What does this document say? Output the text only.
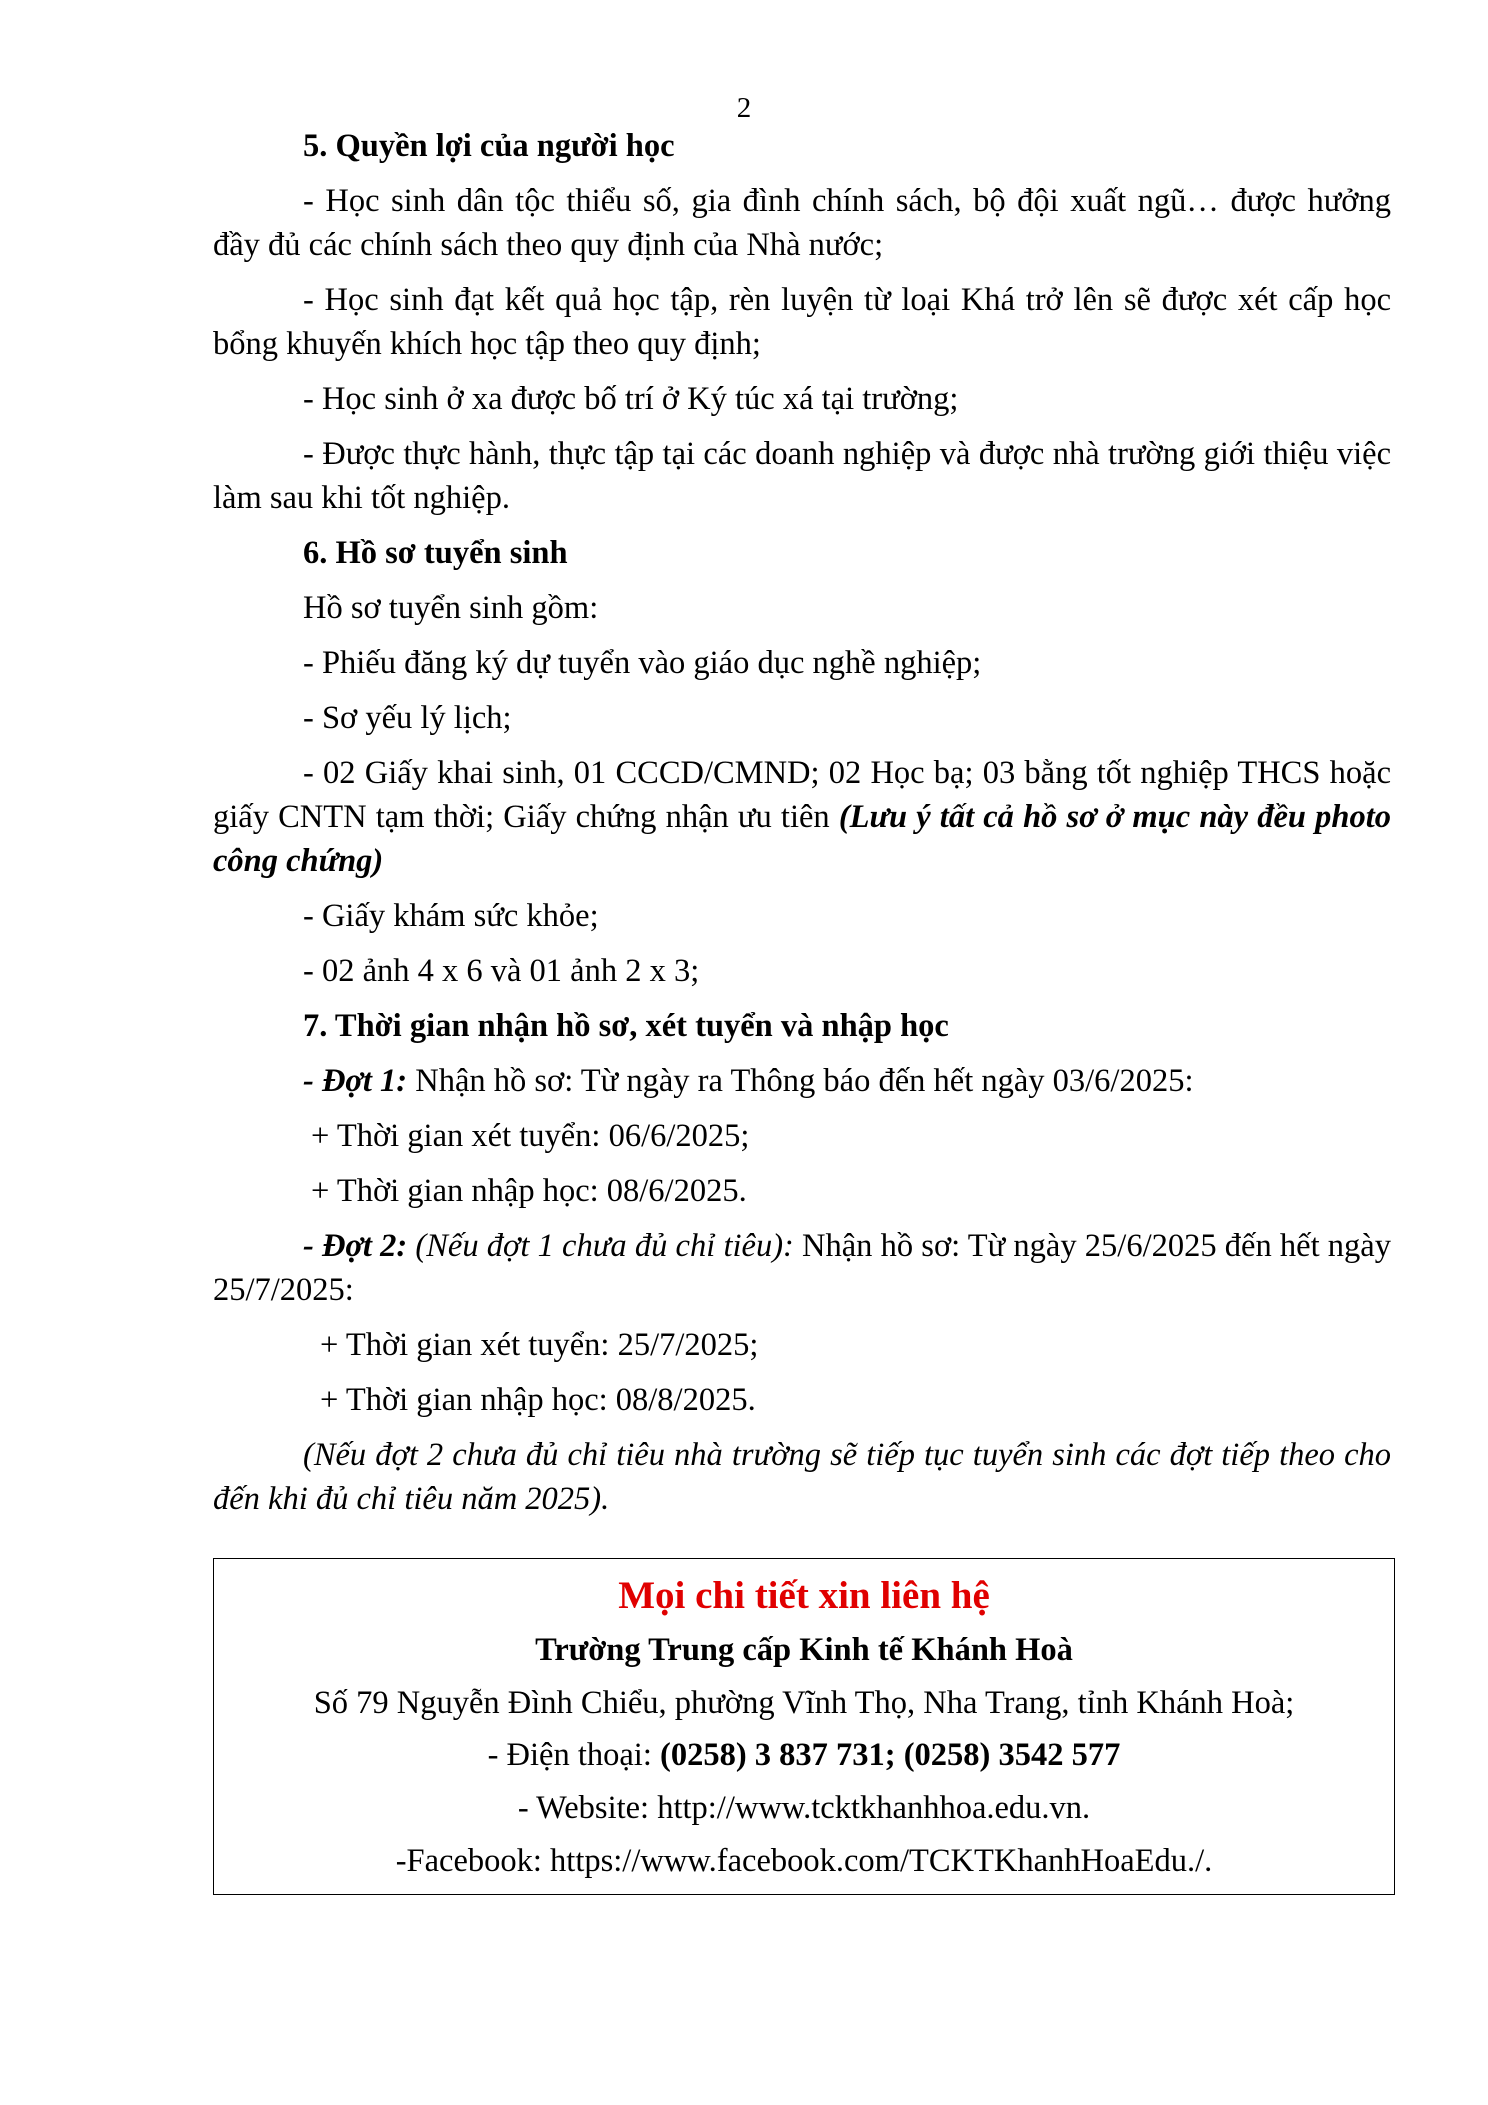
2

5. Quyền lợi của người học

- Học sinh dân tộc thiểu số, gia đình chính sách, bộ đội xuất ngũ… được hưởng đầy đủ các chính sách theo quy định của Nhà nước;

- Học sinh đạt kết quả học tập, rèn luyện từ loại Khá trở lên sẽ được xét cấp học bổng khuyến khích học tập theo quy định;

- Học sinh ở xa được bố trí ở Ký túc xá tại trường;

- Được thực hành, thực tập tại các doanh nghiệp và được nhà trường giới thiệu việc làm sau khi tốt nghiệp.

6. Hồ sơ tuyển sinh

Hồ sơ tuyển sinh gồm:

- Phiếu đăng ký dự tuyển vào giáo dục nghề nghiệp;

- Sơ yếu lý lịch;

- 02 Giấy khai sinh, 01 CCCD/CMND; 02 Học bạ; 03 bằng tốt nghiệp THCS hoặc giấy CNTN tạm thời; Giấy chứng nhận ưu tiên (Lưu ý tất cả hồ sơ ở mục này đều photo công chứng)

- Giấy khám sức khỏe;

- 02 ảnh 4 x 6 và 01 ảnh 2 x 3;

7. Thời gian nhận hồ sơ, xét tuyển và nhập học

- Đợt 1: Nhận hồ sơ: Từ ngày ra Thông báo đến hết ngày 03/6/2025:

+ Thời gian xét tuyển: 06/6/2025;

+ Thời gian nhập học: 08/6/2025.

- Đợt 2: (Nếu đợt 1 chưa đủ chỉ tiêu): Nhận hồ sơ: Từ ngày 25/6/2025 đến hết ngày 25/7/2025:

+ Thời gian xét tuyển: 25/7/2025;

+ Thời gian nhập học: 08/8/2025.

(Nếu đợt 2 chưa đủ chỉ tiêu nhà trường sẽ tiếp tục tuyển sinh các đợt tiếp theo cho đến khi đủ chỉ tiêu năm 2025).

Mọi chi tiết xin liên hệ
Trường Trung cấp Kinh tế Khánh Hoà
Số 79 Nguyễn Đình Chiểu, phường Vĩnh Thọ, Nha Trang, tỉnh Khánh Hoà;
- Điện thoại: (0258) 3 837 731; (0258) 3542 577
- Website: http://www.tcktkhanhhoa.edu.vn.
-Facebook: https://www.facebook.com/TCKTKhanhHoaEdu./.
